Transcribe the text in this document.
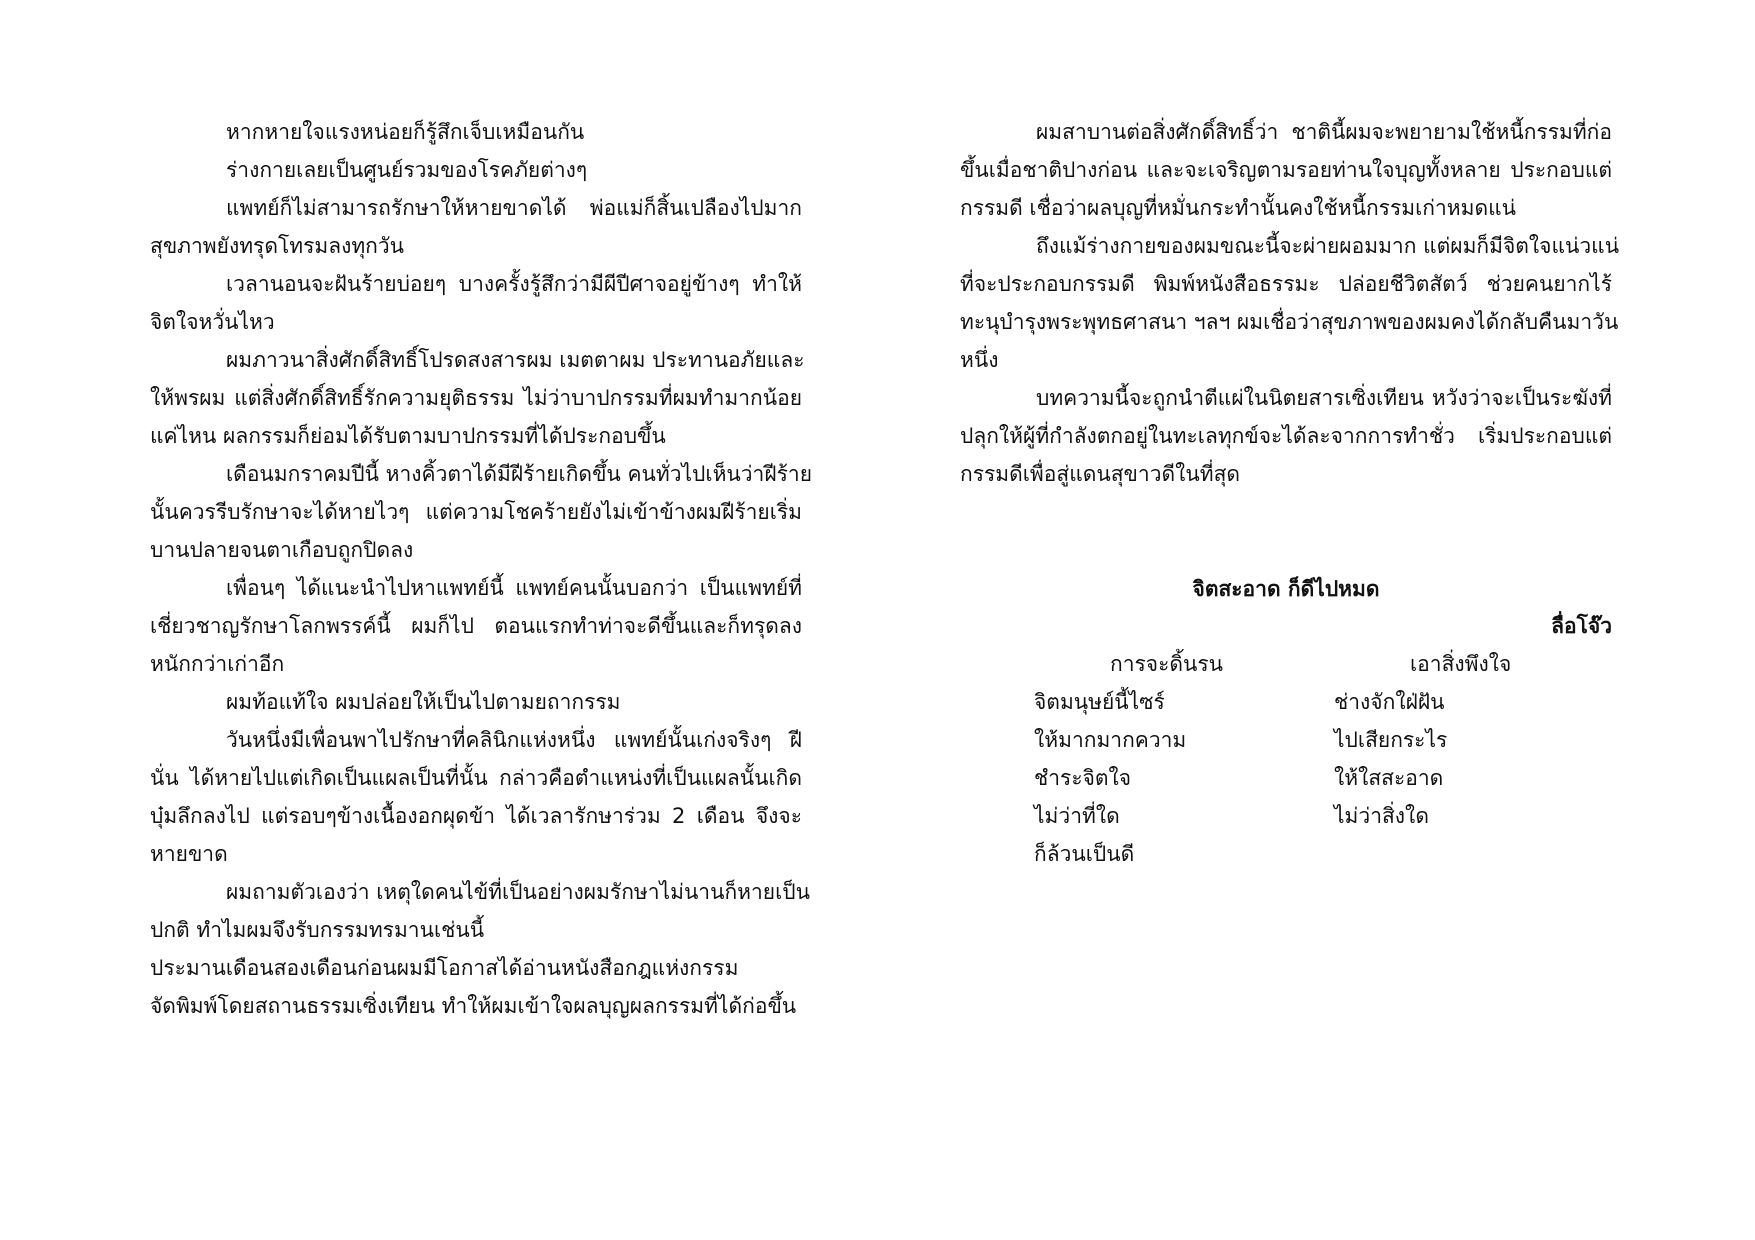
หากหายใจแรงหน่อยก็รู้สึกเจ็บเหมือนกัน
ร่างกายเลยเป็นศูนย์รวมของโรคภัยต่างๆ
แพทย์ก็ไม่สามารถรักษาให้หายขาดได้ พ่อแม่ก็สิ้นเปลืองไปมาก
สุขภาพยังทรุดโทรมลงทุกวัน
เวลานอนจะฝันร้ายบ่อยๆ บางครั้งรู้สึกว่ามีผีปีศาจอยู่ข้างๆ ทำให้
จิตใจหวั่นไหว
ผมภาวนาสิ่งศักดิ์สิทธิ์โปรดสงสารผม เมตตาผม ประทานอภัยและ
ให้พรผม แต่สิ่งศักดิ์สิทธิ์รักความยุติธรรม ไม่ว่าบาปกรรมที่ผมทำมากน้อย
แค่ไหน ผลกรรมก็ย่อมได้รับตามบาปกรรมที่ได้ประกอบขึ้น
เดือนมกราคมปีนี้ หางคิ้วตาได้มีฝีร้ายเกิดขึ้น คนทั่วไปเห็นว่าฝีร้าย
นั้นควรรีบรักษาจะได้หายไวๆ แต่ความโชคร้ายยังไม่เข้าข้างผมฝีร้ายเริ่ม
บานปลายจนตาเกือบถูกปิดลง
เพื่อนๆ ได้แนะนำไปหาแพทย์นี้ แพทย์คนนั้นบอกว่า เป็นแพทย์ที่
เชี่ยวชาญรักษาโลกพรรค์นี้ ผมก็ไป ตอนแรกทำท่าจะดีขึ้นและก็ทรุดลง
หนักกว่าเก่าอีก
ผมท้อแท้ใจ ผมปล่อยให้เป็นไปตามยถากรรม
วันหนึ่งมีเพื่อนพาไปรักษาที่คลินิกแห่งหนึ่ง แพทย์นั้นเก่งจริงๆ ฝี
นั่น ได้หายไปแต่เกิดเป็นแผลเป็นที่นั้น กล่าวคือตำแหน่งที่เป็นแผลนั้นเกิด
บุ๋มลึกลงไป แต่รอบๆข้างเนื้องอกผุดข้า ได้เวลารักษาร่วม 2 เดือน จึงจะ
หายขาด
ผมถามตัวเองว่า เหตุใดคนไข้ที่เป็นอย่างผมรักษาไม่นานก็หายเป็น
ปกติ ทำไมผมจึงรับกรรมทรมานเช่นนี้
ประมานเดือนสองเดือนก่อนผมมีโอกาสได้อ่านหนังสือกฎแห่งกรรม
จัดพิมพ์โดยสถานธรรมเซิ่งเทียน ทำให้ผมเข้าใจผลบุญผลกรรมที่ได้ก่อขึ้น
ผมสาบานต่อสิ่งศักดิ์สิทธิ์ว่า ชาตินี้ผมจะพยายามใช้หนี้กรรมที่ก่อ
ขึ้นเมื่อชาติปางก่อน และจะเจริญตามรอยท่านใจบุญทั้งหลาย ประกอบแต่
กรรมดี เชื่อว่าผลบุญที่หมั่นกระทำนั้นคงใช้หนี้กรรมเก่าหมดแน่
ถึงแม้ร่างกายของผมขณะนี้จะผ่ายผอมมาก แต่ผมก็มีจิตใจแน่วแน่
ที่จะประกอบกรรมดี พิมพ์หนังสือธรรมะ ปล่อยชีวิตสัตว์ ช่วยคนยากไร้
ทะนุบำรุงพระพุทธศาสนา ฯลฯ ผมเชื่อว่าสุขภาพของผมคงได้กลับคืนมาวัน
หนึ่ง
บทความนี้จะถูกนำตีแผ่ในนิตยสารเซิ่งเทียน หวังว่าจะเป็นระฆังที่
ปลุกให้ผู้ที่กำลังตกอยู่ในทะเลทุกข์จะได้ละจากการทำชั่ว เริ่มประกอบแต่
กรรมดีเพื่อสู่แดนสุขาวดีในที่สุด
จิตสะอาด ก็ดีไปหมด
ลื่อโจ๊ว
การจะดิ้นรน	เอาสิ่งพึงใจ
จิตมนุษย์นี้ไซร์	ช่างจักใฝ่ฝัน
ให้มากมากความ	ไปเสียกระไร
ชำระจิตใจ	ให้ใสสะอาด
ไม่ว่าที่ใด	ไม่ว่าสิ่งใด
ก็ล้วนเป็นดี
